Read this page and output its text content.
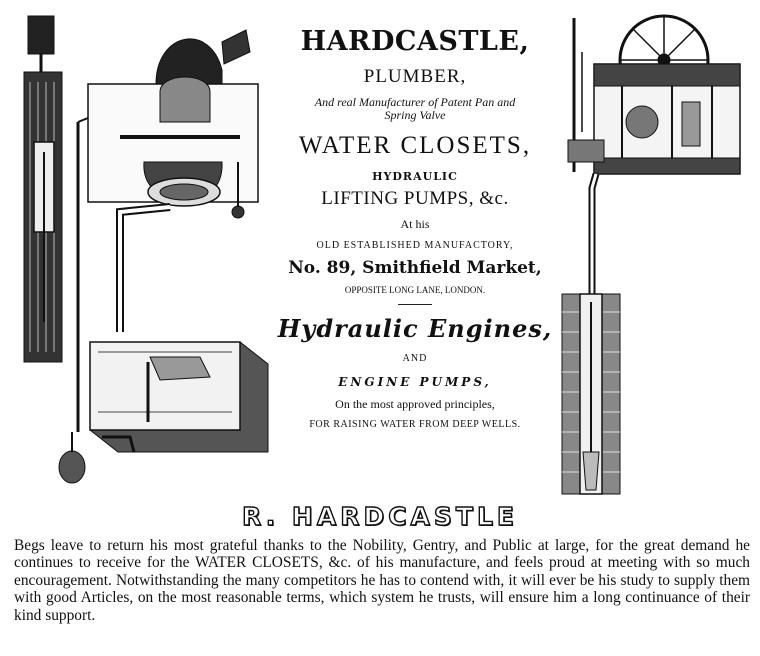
HARDCASTLE,
PLUMBER,
And real Manufacturer of Patent Pan and
Spring Valve
WATER CLOSETS,
HYDRAULIC
LIFTING PUMPS, &c.
At his
OLD ESTABLISHED MANUFACTORY,
No. 89, Smithfield Market,
OPPOSITE LONG LANE, LONDON.
Hydraulic Engines,
AND
ENGINE PUMPS,
On the most approved principles,
FOR RAISING WATER FROM DEEP WELLS.
R. HARDCASTLE

Begs leave to return his most grateful thanks to the Nobility, Gentry, and Public at large, for the great demand he continues to receive for the WATER CLOSETS, &c. of his manufacture, and feels proud at meeting with so much encouragement. Notwithstanding the many competitors he has to contend with, it will ever be his study to supply them with good Articles, on the most reasonable terms, which system he trusts, will ensure him a long continuance of their kind support.
